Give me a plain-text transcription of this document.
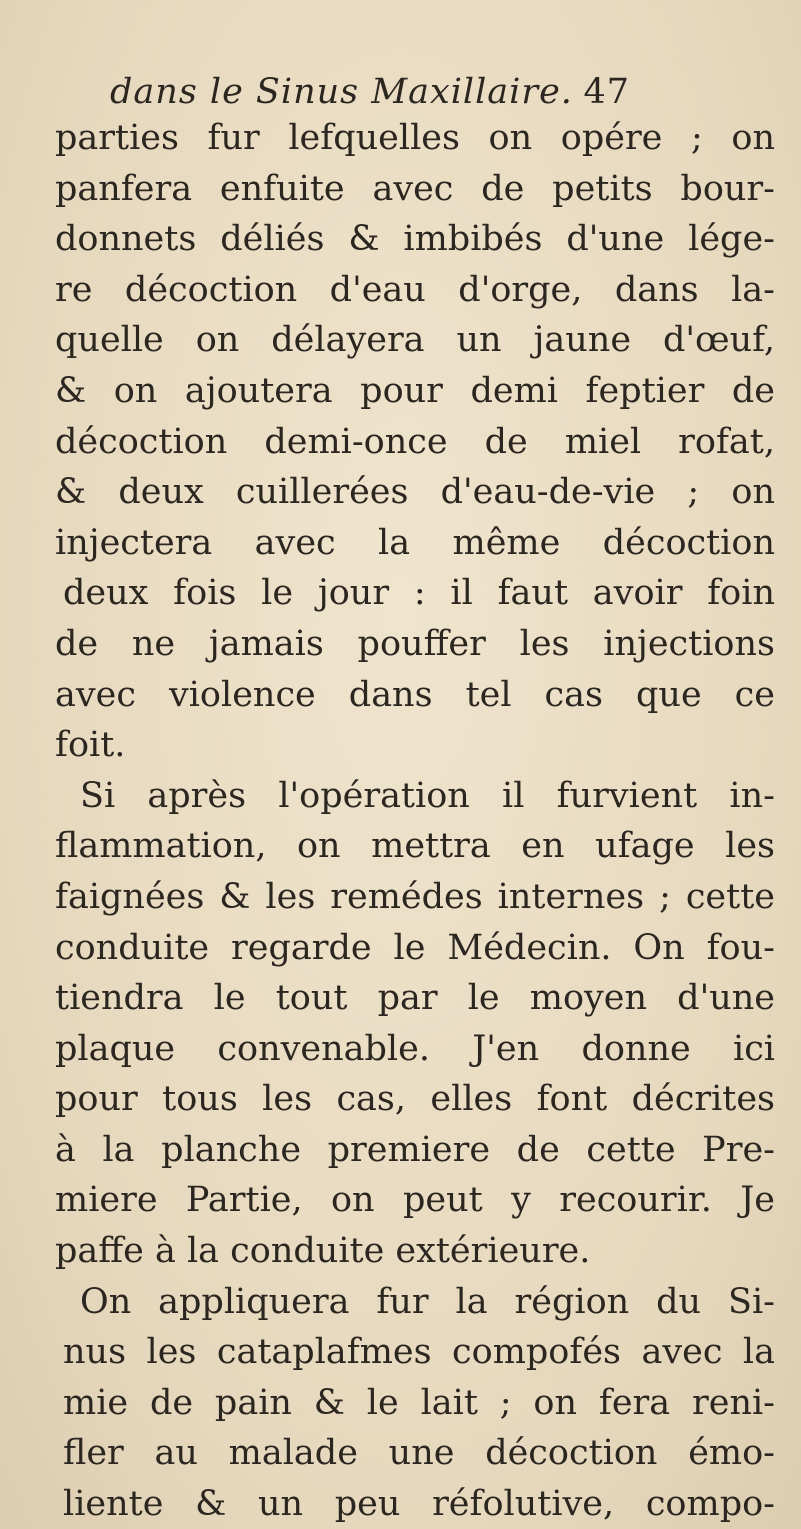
dans le Sinus Maxillaire. 47
parties fur lefquelles on opére ; on
panfera enfuite avec de petits bour-
donnets déliés & imbibés d'une lége-
re décoction d'eau d'orge, dans la-
quelle on délayera un jaune d'œuf,
& on ajoutera pour demi feptier de
décoction demi-once de miel rofat,
& deux cuillerées d'eau-de-vie ; on
injectera avec la même décoction
deux fois le jour : il faut avoir foin
de ne jamais pouffer les injections
avec violence dans tel cas que ce
foit.
Si après l'opération il furvient in-
flammation, on mettra en ufage les
faignées & les remédes internes ; cette
conduite regarde le Médecin. On fou-
tiendra le tout par le moyen d'une
plaque convenable. J'en donne ici
pour tous les cas, elles font décrites
à la planche premiere de cette Pre-
miere Partie, on peut y recourir. Je
paffe à la conduite extérieure.
On appliquera fur la région du Si-
nus les cataplafmes compofés avec la
mie de pain & le lait ; on fera reni-
fler au malade une décoction émo-
liente & un peu réfolutive, compo-
